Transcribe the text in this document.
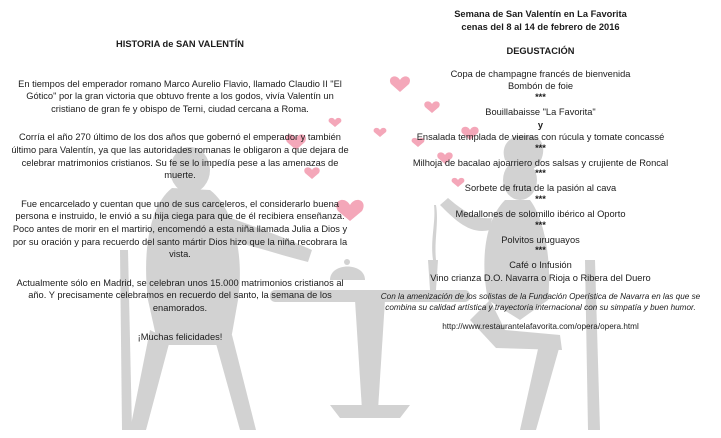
HISTORIA de SAN VALENTÍN

En tiempos del emperador romano Marco Aurelio Flavio, llamado Claudio II "El Gótico" por la gran victoria que obtuvo frente a los godos, vivía Valentín un cristiano de gran fe y obispo de Terni, ciudad cercana a Roma.

Corría el año 270 último de los dos años que gobernó el emperador y también último para Valentín, ya que las autoridades romanas le obligaron a que dejara de celebrar matrimonios cristianos. Su fe se lo impedía pese a las amenazas de muerte.

Fue encarcelado y cuentan que uno de sus carceleros, el considerarlo buena persona e instruido, le envió a su hija ciega para que de él recibiera enseñanza. Poco antes de morir en el martirio, encomendó a esta niña llamada Julia a Dios y por su oración y para recuerdo del santo mártir Dios hizo que la niña recobrara la vista.

Actualmente sólo en Madrid, se celebran unos 15.000 matrimonios cristianos al año. Y precisamente celebramos en recuerdo del santo, la semana de los enamorados.

¡Muchas felicidades!

Semana de San Valentín en La Favorita

cenas del 8 al 14 de febrero de 2016

DEGUSTACIÓN

Copa de champagne francés de bienvenida

Bombón de foie

***

Bouillabaisse "La Favorita"

y

Ensalada templada de vieiras con rúcula y tomate concassé

***

Milhoja de bacalao ajoarriero dos salsas y crujiente de Roncal

***

Sorbete de fruta de la pasión al cava

***

Medallones de solomillo ibérico al Oporto

***

Polvitos uruguayos

***

Café o Infusión

Vino crianza D.O. Navarra o Rioja o Ribera del Duero

Con la amenización de los solistas de la Fundación Operística de Navarra en las que se combina su calidad artística y trayectoria internacional con su simpatía y buen humor.

http://www.restaurantelafavorita.com/opera/opera.html
